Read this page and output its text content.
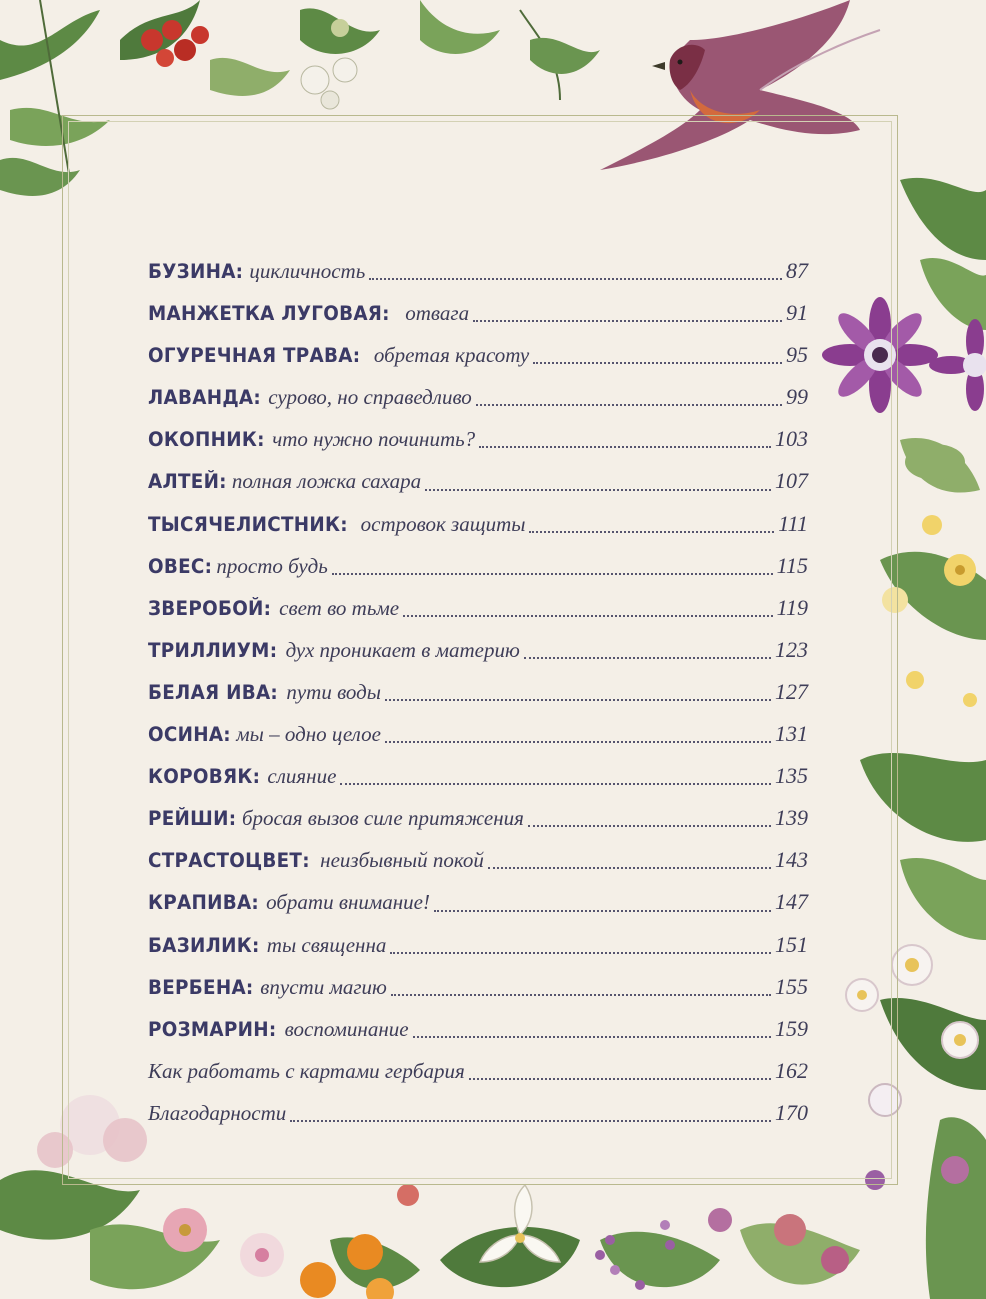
БУЗИНА: цикличность	87
МАНЖЕТКА ЛУГОВАЯ: отвага	91
ОГУРЕЧНАЯ ТРАВА: обретая красоту	95
ЛАВАНДА: сурово, но справедливо	99
ОКОПНИК: что нужно починить?	103
АЛТЕЙ: полная ложка сахара	107
ТЫСЯЧЕЛИСТНИК: островок защиты	111
ОВЕС: просто будь	115
ЗВЕРОБОЙ: свет во тьме	119
ТРИЛЛИУМ: дух проникает в материю	123
БЕЛАЯ ИВА: пути воды	127
ОСИНА: мы – одно целое	131
КОРОВЯК: слияние	135
РЕЙШИ: бросая вызов силе притяжения	139
СТРАСТОЦВЕТ: неизбывный покой	143
КРАПИВА: обрати внимание!	147
БАЗИЛИК: ты священна	151
ВЕРБЕНА: впусти магию	155
РОЗМАРИН: воспоминание	159
Как работать с картами гербария	162
Благодарности	170
